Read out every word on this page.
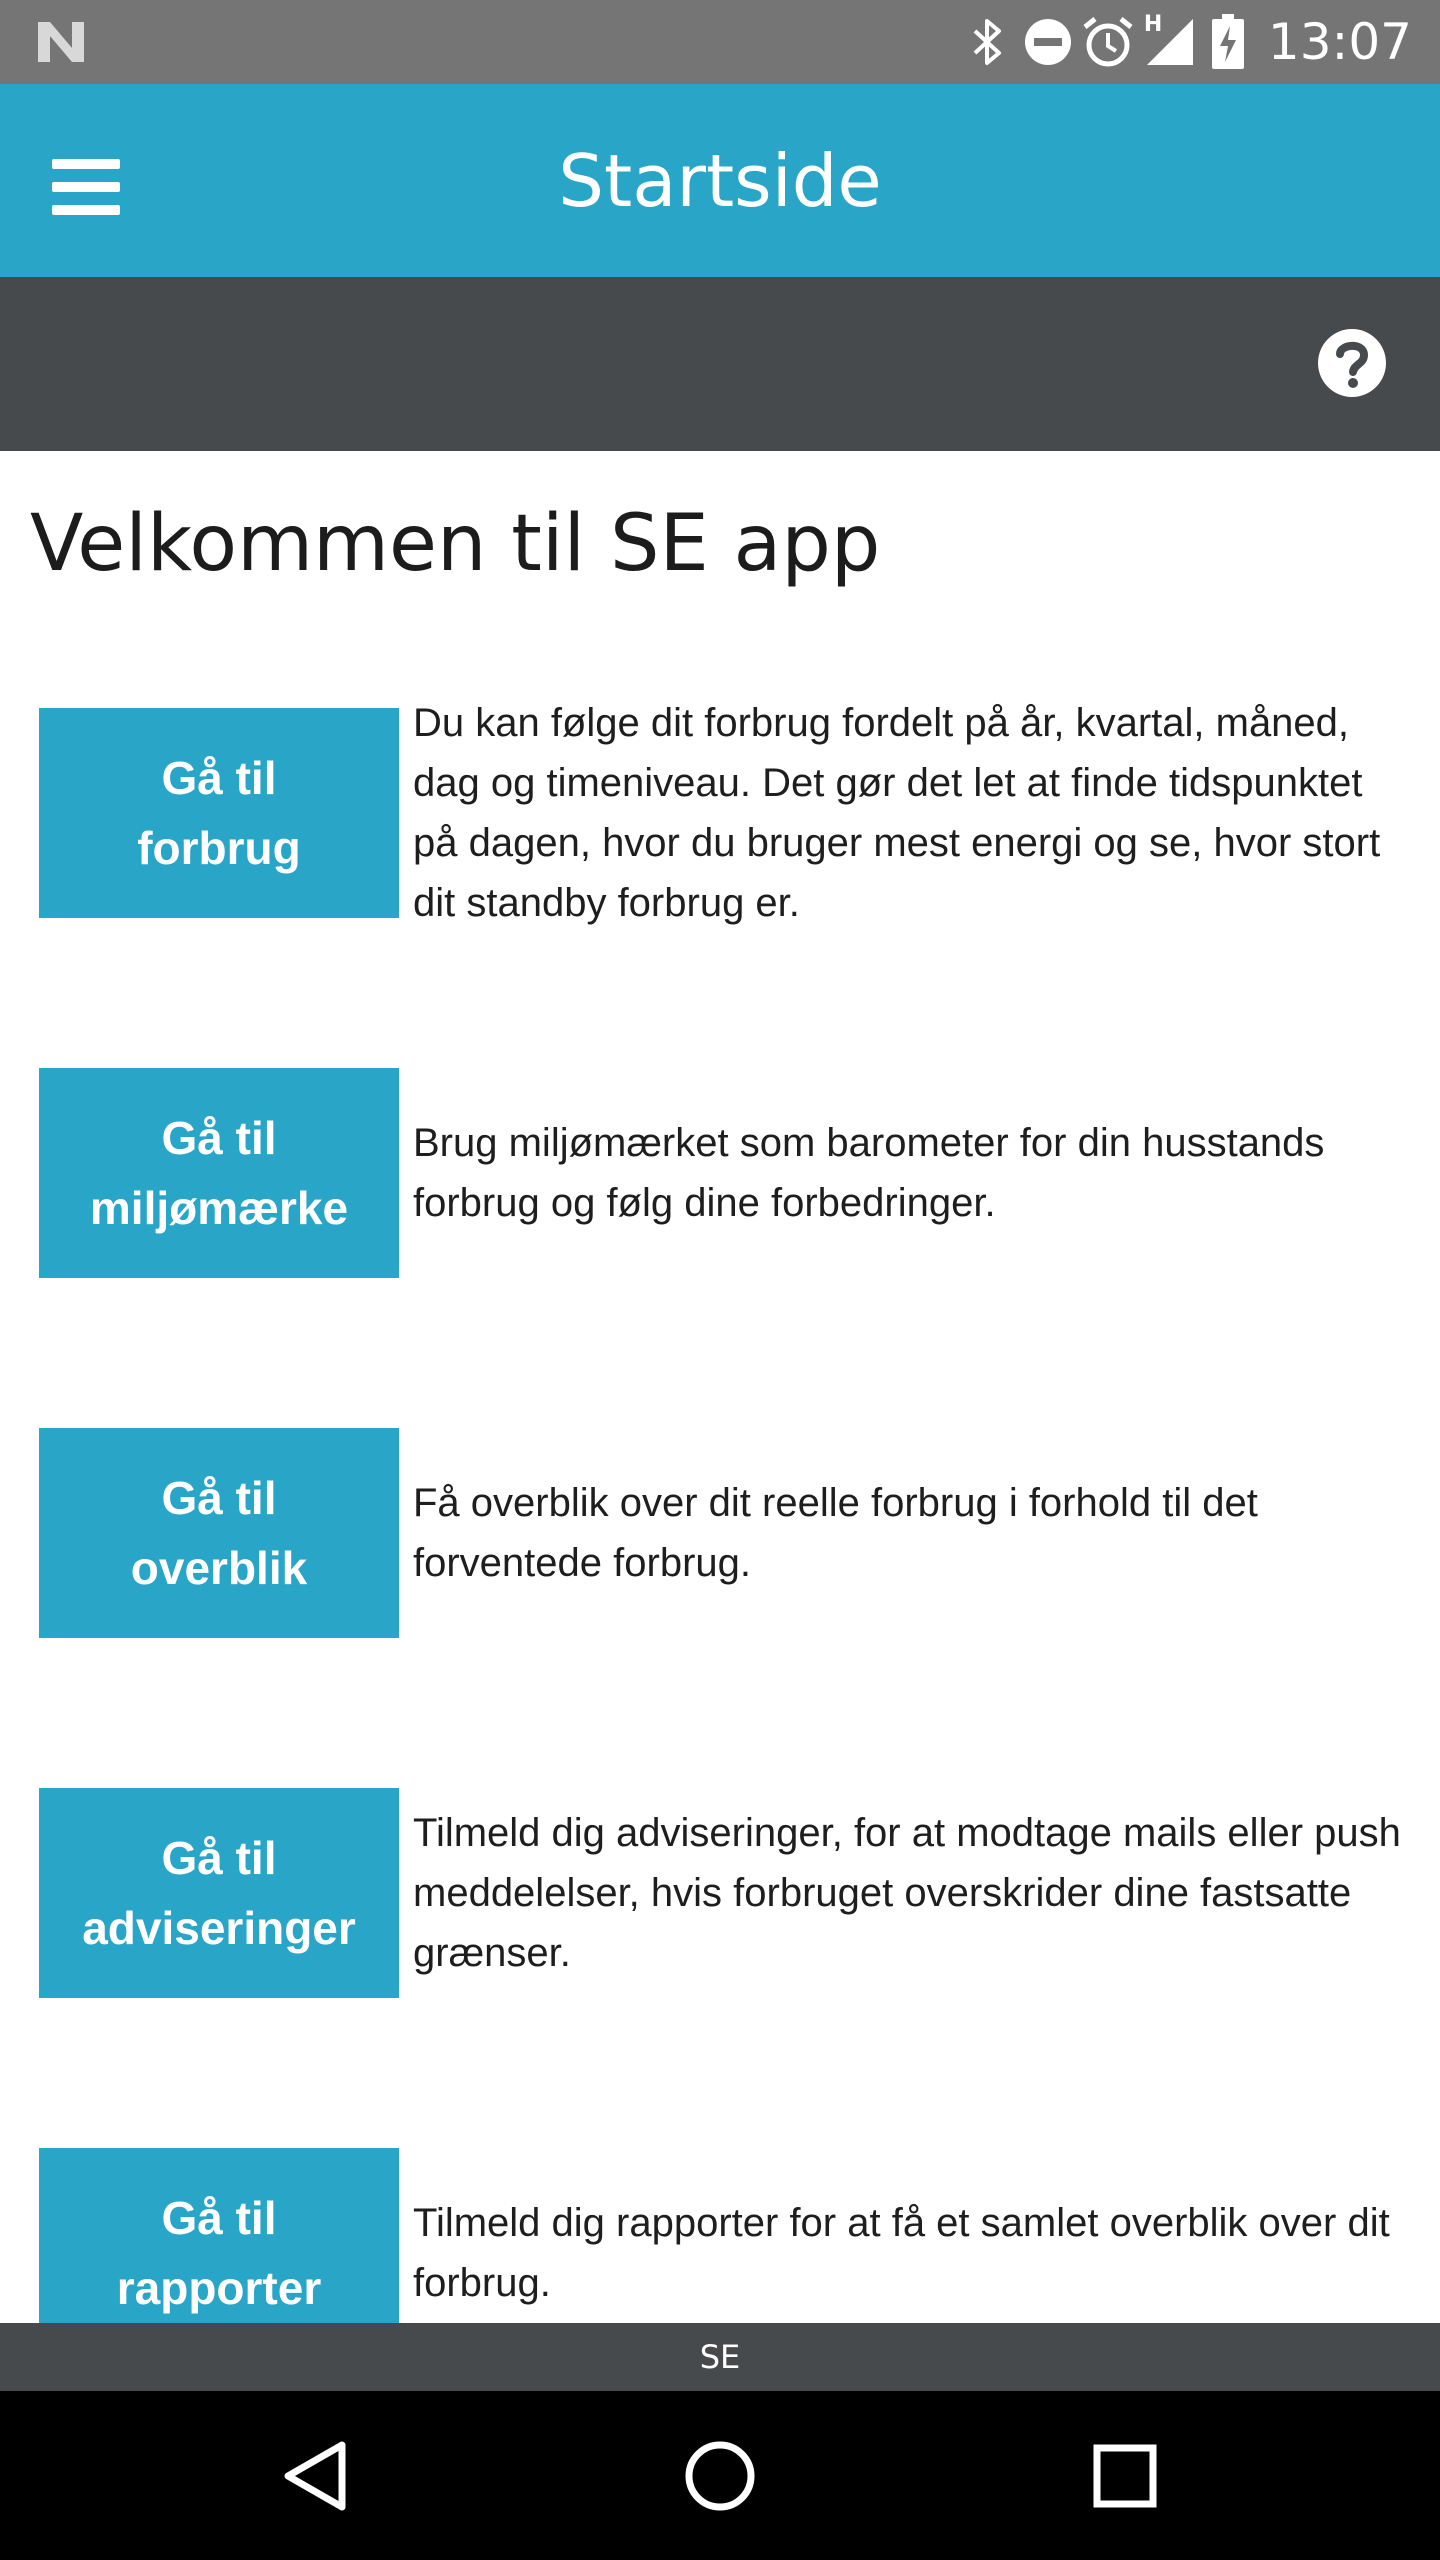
H 13:07
Startside
Velkommen til SE app
Gå til
forbrug
Du kan følge dit forbrug fordelt på år, kvartal, måned, dag og timeniveau. Det gør det let at finde tidspunktet på dagen, hvor du bruger mest energi og se, hvor stort dit standby forbrug er.
Gå til
miljømærke
Brug miljømærket som barometer for din husstands forbrug og følg dine forbedringer.
Gå til
overblik
Få overblik over dit reelle forbrug i forhold til det forventede forbrug.
Gå til
adviseringer
Tilmeld dig adviseringer, for at modtage mails eller push meddelelser, hvis forbruget overskrider dine fastsatte grænser.
Gå til
rapporter
Tilmeld dig rapporter for at få et samlet overblik over dit forbrug.
SE
